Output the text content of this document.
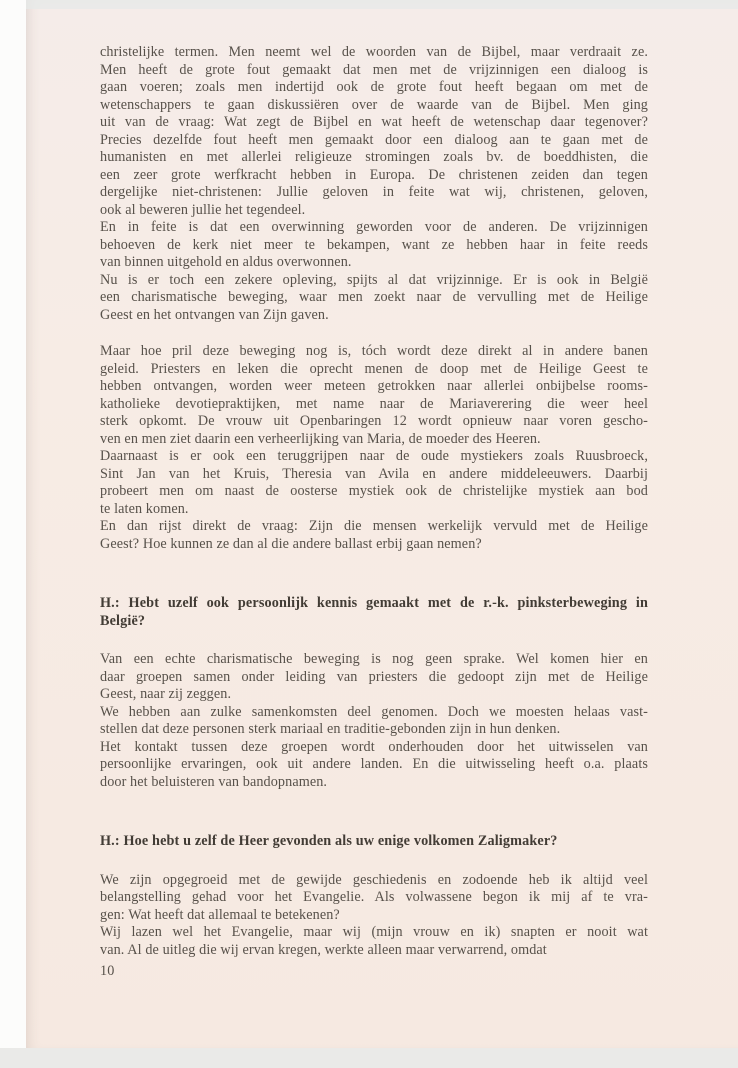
christelijke termen. Men neemt wel de woorden van de Bijbel, maar verdraait ze.
Men heeft de grote fout gemaakt dat men met de vrijzinnigen een dialoog is
gaan voeren; zoals men indertijd ook de grote fout heeft begaan om met de
wetenschappers te gaan diskussiëren over de waarde van de Bijbel. Men ging
uit van de vraag: Wat zegt de Bijbel en wat heeft de wetenschap daar tegenover?
Precies dezelfde fout heeft men gemaakt door een dialoog aan te gaan met de
humanisten en met allerlei religieuze stromingen zoals bv. de boeddhisten, die
een zeer grote werfkracht hebben in Europa. De christenen zeiden dan tegen
dergelijke niet-christenen: Jullie geloven in feite wat wij, christenen, geloven,
ook al beweren jullie het tegendeel.
En in feite is dat een overwinning geworden voor de anderen. De vrijzinnigen
behoeven de kerk niet meer te bekampen, want ze hebben haar in feite reeds
van binnen uitgehold en aldus overwonnen.
Nu is er toch een zekere opleving, spijts al dat vrijzinnige. Er is ook in België
een charismatische beweging, waar men zoekt naar de vervulling met de Heilige
Geest en het ontvangen van Zijn gaven.
Maar hoe pril deze beweging nog is, tóch wordt deze direkt al in andere banen
geleid. Priesters en leken die oprecht menen de doop met de Heilige Geest te
hebben ontvangen, worden weer meteen getrokken naar allerlei onbijbelse rooms-
katholieke devotiepraktijken, met name naar de Mariaverering die weer heel
sterk opkomt. De vrouw uit Openbaringen 12 wordt opnieuw naar voren gescho-
ven en men ziet daarin een verheerlijking van Maria, de moeder des Heeren.
Daarnaast is er ook een teruggrijpen naar de oude mystiekers zoals Ruusbroeck,
Sint Jan van het Kruis, Theresia van Avila en andere middeleeuwers. Daarbij
probeert men om naast de oosterse mystiek ook de christelijke mystiek aan bod
te laten komen.
En dan rijst direkt de vraag: Zijn die mensen werkelijk vervuld met de Heilige
Geest? Hoe kunnen ze dan al die andere ballast erbij gaan nemen?
H.: Hebt uzelf ook persoonlijk kennis gemaakt met de r.-k. pinksterbeweging in
België?
Van een echte charismatische beweging is nog geen sprake. Wel komen hier en
daar groepen samen onder leiding van priesters die gedoopt zijn met de Heilige
Geest, naar zij zeggen.
We hebben aan zulke samenkomsten deel genomen. Doch we moesten helaas vast-
stellen dat deze personen sterk mariaal en traditie-gebonden zijn in hun denken.
Het kontakt tussen deze groepen wordt onderhouden door het uitwisselen van
persoonlijke ervaringen, ook uit andere landen. En die uitwisseling heeft o.a. plaats
door het beluisteren van bandopnamen.
H.: Hoe hebt u zelf de Heer gevonden als uw enige volkomen Zaligmaker?
We zijn opgegroeid met de gewijde geschiedenis en zodoende heb ik altijd veel
belangstelling gehad voor het Evangelie. Als volwassene begon ik mij af te vra-
gen: Wat heeft dat allemaal te betekenen?
Wij lazen wel het Evangelie, maar wij (mijn vrouw en ik) snapten er nooit wat
van. Al de uitleg die wij ervan kregen, werkte alleen maar verwarrend, omdat
10
